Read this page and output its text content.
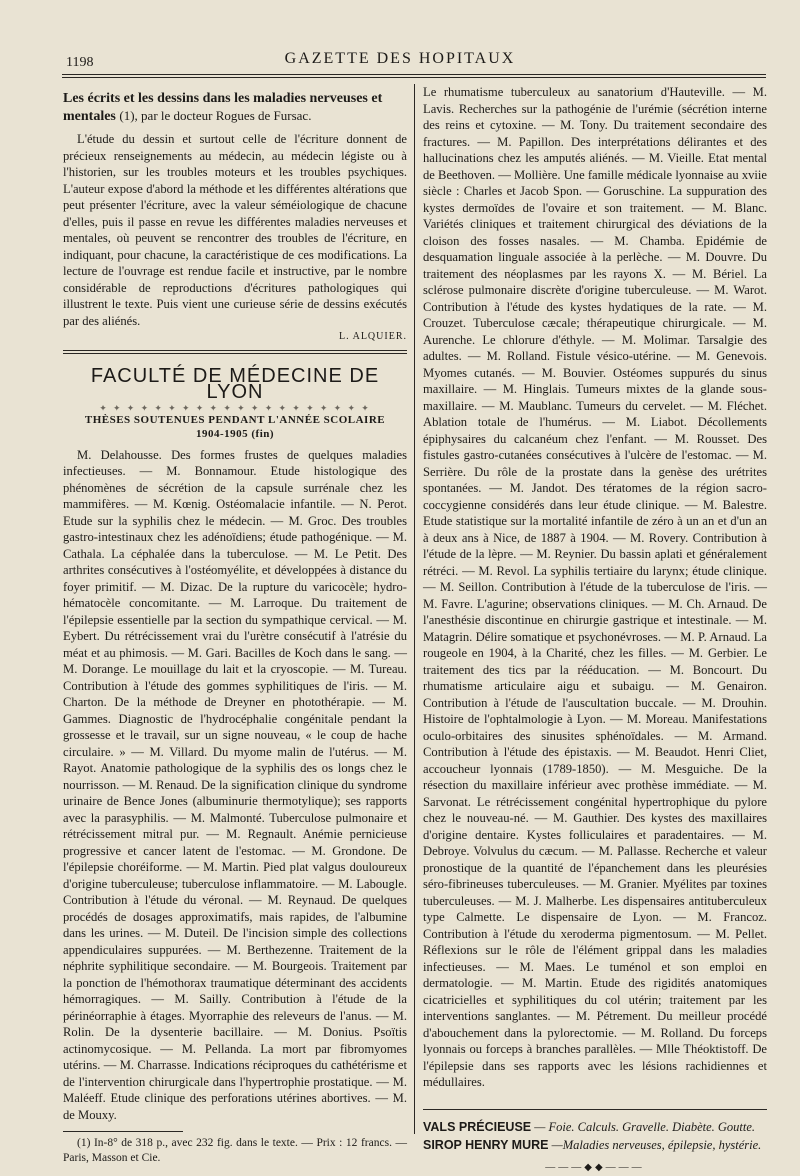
1198	GAZETTE DES HOPITAUX
Les écrits et les dessins dans les maladies nerveuses et mentales (1), par le docteur Rogues de Fursac.

L'étude du dessin et surtout celle de l'écriture donnent de précieux renseignements au médecin, au médecin légiste ou à l'historien, sur les troubles moteurs et les troubles psychiques. L'auteur expose d'abord la méthode et les différentes altérations que peut présenter l'écriture, avec la valeur séméiologique de chacune d'elles, puis il passe en revue les différentes maladies nerveuses et mentales, où peuvent se rencontrer des troubles de l'écriture, en indiquant, pour chacune, la caractéristique de ces modifications. La lecture de l'ouvrage est rendue facile et instructive, par le nombre considérable de reproductions d'écritures pathologiques qui illustrent le texte. Puis vient une curieuse série de dessins exécutés par des aliénés.

L. ALQUIER.
FACULTÉ DE MÉDECINE DE LYON
✦ ✦ ✦ ✦ ✦ ✦ ✦ ✦ ✦ ✦ ✦ ✦ ✦ ✦ ✦ ✦ ✦ ✦ ✦ ✦
THÈSES SOUTENUES PENDANT L'ANNÉE SCOLAIRE
1904-1905 (fin)

M. Delahousse. Des formes frustes de quelques maladies infectieuses. — M. Bonnamour. Etude histologique des phénomènes de sécrétion de la capsule surrénale chez les mammifères. — M. Kœnig. Ostéomalacie infantile. — N. Perot. Etude sur la syphilis chez le médecin. — M. Groc. Des troubles gastro-intestinaux chez les adénoïdiens; étude pathogénique. — M. Cathala. La céphalée dans la tuberculose. — M. Le Petit. Des arthrites consécutives à l'ostéomyélite, et développées à distance du foyer primitif. — M. Dizac. De la rupture du varicocèle; hydro-hématocèle concomitante. — M. Larroque. Du traitement de l'épilepsie essentielle par la section du sympathique cervical. — M. Eybert. Du rétrécissement vrai du l'urètre consécutif à l'atrésie du méat et au phimosis. — M. Gari. Bacilles de Koch dans le sang. — M. Dorange. Le mouillage du lait et la cryoscopie. — M. Tureau. Contribution à l'étude des gommes syphilitiques de l'iris. — M. Charton. De la méthode de Dreyner en photothérapie. — M. Gammes. Diagnostic de l'hydrocéphalie congénitale pendant la grossesse et le travail, sur un signe nouveau, « le coup de hache circulaire. » — M. Villard. Du myome malin de l'utérus. — M. Rayot. Anatomie pathologique de la syphilis des os longs chez le nourrisson. — M. Renaud. De la signification clinique du syndrome urinaire de Bence Jones (albuminurie thermotylique); ses rapports avec la parasyphilis. — M. Malmonté. Tuberculose pulmonaire et rétrécissement mitral pur. — M. Regnault. Anémie pernicieuse progressive et cancer latent de l'estomac. — M. Grondone. De l'épilepsie choréiforme. — M. Martin. Pied plat valgus douloureux d'origine tuberculeuse; tuberculose inflammatoire. — M. Labougle. Contribution à l'étude du véronal. — M. Reynaud. De quelques procédés de dosages approximatifs, mais rapides, de l'albumine dans les urines. — M. Duteil. De l'incision simple des collections appendiculaires suppurées. — M. Berthezenne. Traitement de la néphrite syphilitique secondaire. — M. Bourgeois. Traitement par la ponction de l'hémothorax traumatique déterminant des accidents hémorragiques. — M. Sailly. Contribution à l'étude de la périnéorraphie à étages. Myorraphie des releveurs de l'anus. — M. Rolin. De la dysenterie bacillaire. — M. Donius. Psoïtis actinomycosique. — M. Pellanda. La mort par fibromyomes utérins. — M. Charrasse. Indications réciproques du cathétérisme et de l'intervention chirurgicale dans l'hypertrophie prostatique. — M. Maléeff. Etude clinique des perforations utérines abortives. — M. de Mouxy.

(1) In-8° de 318 p., avec 232 fig. dans le texte. — Prix : 12 francs. — Paris, Masson et Cie.

Le rhumatisme tuberculeux au sanatorium d'Hauteville. — M. Lavis. Recherches sur la pathogénie de l'urémie (sécrétion interne des reins et cytoxine. — M. Tony. Du traitement secondaire des fractures. — M. Papillon. Des interprétations délirantes et des hallucinations chez les amputés aliénés. — M. Vieille. Etat mental de Beethoven. — Mollière. Une famille médicale lyonnaise au xviie siècle : Charles et Jacob Spon. — Goruschine. La suppuration des kystes dermoïdes de l'ovaire et son traitement. — M. Blanc. Variétés cliniques et traitement chirurgical des déviations de la cloison des fosses nasales. — M. Chamba. Epidémie de desquamation linguale associée à la perlèche. — M. Douvre. Du traitement des néoplasmes par les rayons X. — M. Bériel. La sclérose pulmonaire discrète d'origine tuberculeuse. — M. Warot. Contribution à l'étude des kystes hydatiques de la rate. — M. Crouzet. Tuberculose cæcale; thérapeutique chirurgicale. — M. Aurenche. Le chlorure d'éthyle. — M. Molimar. Tarsalgie des adultes. — M. Rolland. Fistule vésico-utérine. — M. Genevois. Myomes cutanés. — M. Bouvier. Ostéomes suppurés du sinus maxillaire. — M. Hinglais. Tumeurs mixtes de la glande sous-maxillaire. — M. Maublanc. Tumeurs du cervelet. — M. Fléchet. Ablation totale de l'humérus. — M. Liabot. Décollements épiphysaires du calcanéum chez l'enfant. — M. Rousset. Des fistules gastro-cutanées consécutives à l'ulcère de l'estomac. — M. Serrière. Du rôle de la prostate dans la genèse des urétrites spontanées. — M. Jandot. Des tératomes de la région sacro-coccygienne considérés dans leur étude clinique. — M. Balestre. Etude statistique sur la mortalité infantile de zéro à un an et d'un an à deux ans à Nice, de 1887 à 1904. — M. Rovery. Contribution à l'étude de la lèpre. — M. Reynier. Du bassin aplati et généralement rétréci. — M. Revol. La syphilis tertiaire du larynx; étude clinique. — M. Seillon. Contribution à l'étude de la tuberculose de l'iris. — M. Favre. L'agurine; observations cliniques. — M. Ch. Arnaud. De l'anesthésie discontinue en chirurgie gastrique et intestinale. — M. Matagrin. Délire somatique et psychonévroses. — M. P. Arnaud. La rougeole en 1904, à la Charité, chez les filles. — M. Gerbier. Le traitement des tics par la rééducation. — M. Boncourt. Du rhumatisme articulaire aigu et subaigu. — M. Genairon. Contribution à l'étude de l'auscultation buccale. — M. Drouhin. Histoire de l'ophtalmologie à Lyon. — M. Moreau. Manifestations oculo-orbitaires des sinusites sphénoïdales. — M. Armand. Contribution à l'étude des épistaxis. — M. Beaudot. Henri Cliet, accoucheur lyonnais (1789-1850). — M. Mesguiche. De la résection du maxillaire inférieur avec prothèse immédiate. — M. Sarvonat. Le rétrécissement congénital hypertrophique du pylore chez le nouveau-né. — M. Gauthier. Des kystes des maxillaires d'origine dentaire. Kystes folliculaires et paradentaires. — M. Debroye. Volvulus du cæcum. — M. Pallasse. Recherche et valeur pronostique de la quantité de l'épanchement dans les pleurésies séro-fibrineuses tuberculeuses. — M. Granier. Myélites par toxines tuberculeuses. — M. J. Malherbe. Les dispensaires antituberculeux type Calmette. Le dispensaire de Lyon. — M. Francoz. Contribution à l'étude du xeroderma pigmentosum. — M. Pellet. Réflexions sur le rôle de l'élément grippal dans les maladies infectieuses. — M. Maes. Le tuménol et son emploi en dermatologie. — M. Martin. Etude des rigidités anatomiques cicatricielles et syphilitiques du col utérin; traitement par les interventions sanglantes. — M. Pétrement. Du meilleur procédé d'abouchement dans la pylorectomie. — M. Rolland. Du forceps lyonnais ou forceps à branches parallèles. — Mlle Théoktistoff. De l'épilepsie dans ses rapports avec les lésions rachidiennes et médullaires.

VALS PRÉCIEUSE — Foie. Calculs. Gravelle. Diabète. Goutte.
SIROP HENRY MURE —Maladies nerveuses, épilepsie, hystérie.
———◆◆———
